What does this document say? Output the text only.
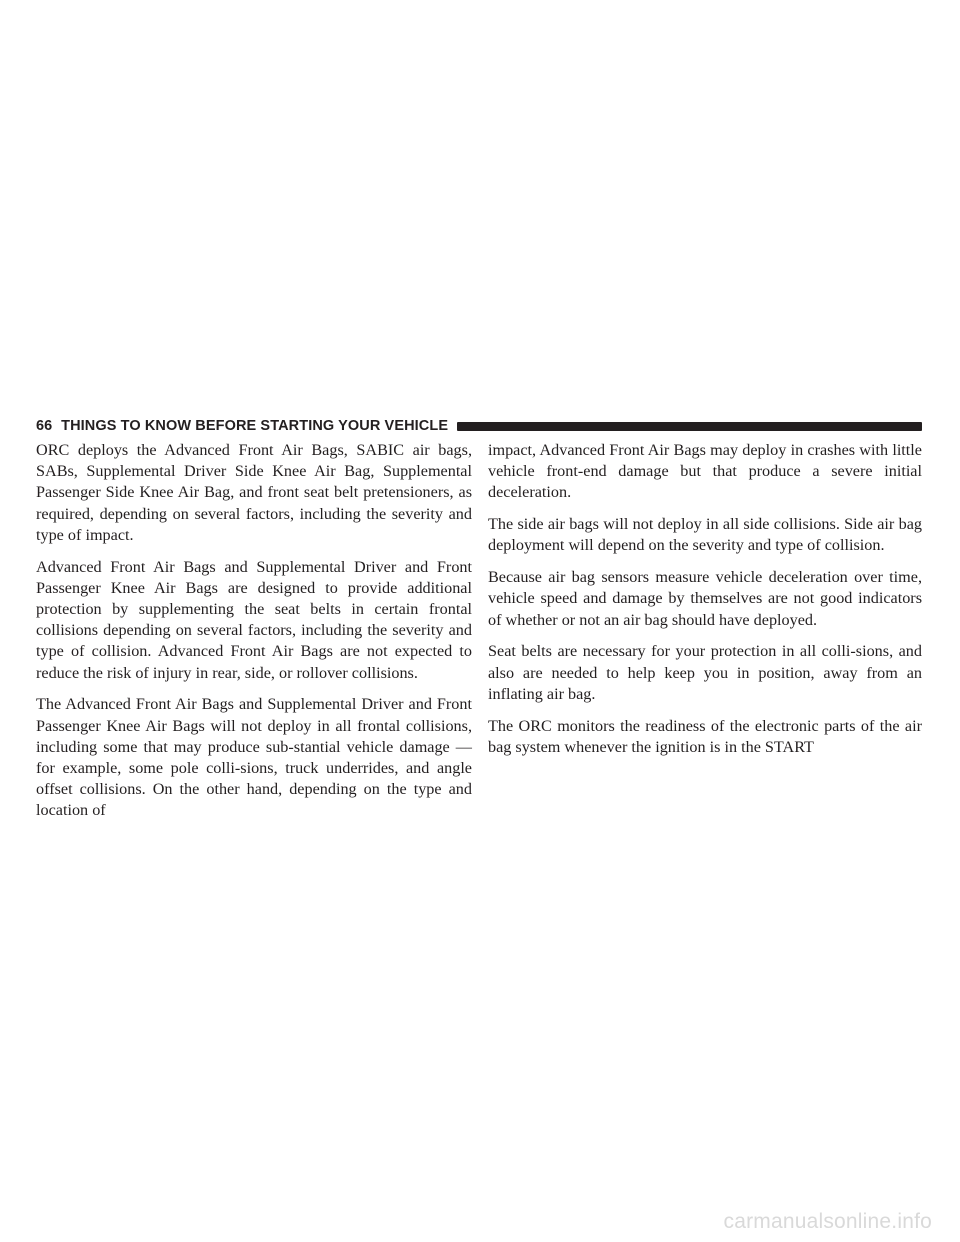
66 THINGS TO KNOW BEFORE STARTING YOUR VEHICLE

ORC deploys the Advanced Front Air Bags, SABIC air bags, SABs, Supplemental Driver Side Knee Air Bag, Supplemental Passenger Side Knee Air Bag, and front seat belt pretensioners, as required, depending on several factors, including the severity and type of impact.

Advanced Front Air Bags and Supplemental Driver and Front Passenger Knee Air Bags are designed to provide additional protection by supplementing the seat belts in certain frontal collisions depending on several factors, including the severity and type of collision. Advanced Front Air Bags are not expected to reduce the risk of injury in rear, side, or rollover collisions.

The Advanced Front Air Bags and Supplemental Driver and Front Passenger Knee Air Bags will not deploy in all frontal collisions, including some that may produce sub-stantial vehicle damage — for example, some pole colli-sions, truck underrides, and angle offset collisions. On the other hand, depending on the type and location of

impact, Advanced Front Air Bags may deploy in crashes with little vehicle front-end damage but that produce a severe initial deceleration.

The side air bags will not deploy in all side collisions. Side air bag deployment will depend on the severity and type of collision.

Because air bag sensors measure vehicle deceleration over time, vehicle speed and damage by themselves are not good indicators of whether or not an air bag should have deployed.

Seat belts are necessary for your protection in all colli-sions, and also are needed to help keep you in position, away from an inflating air bag.

The ORC monitors the readiness of the electronic parts of the air bag system whenever the ignition is in the START

carmanualsonline.info
